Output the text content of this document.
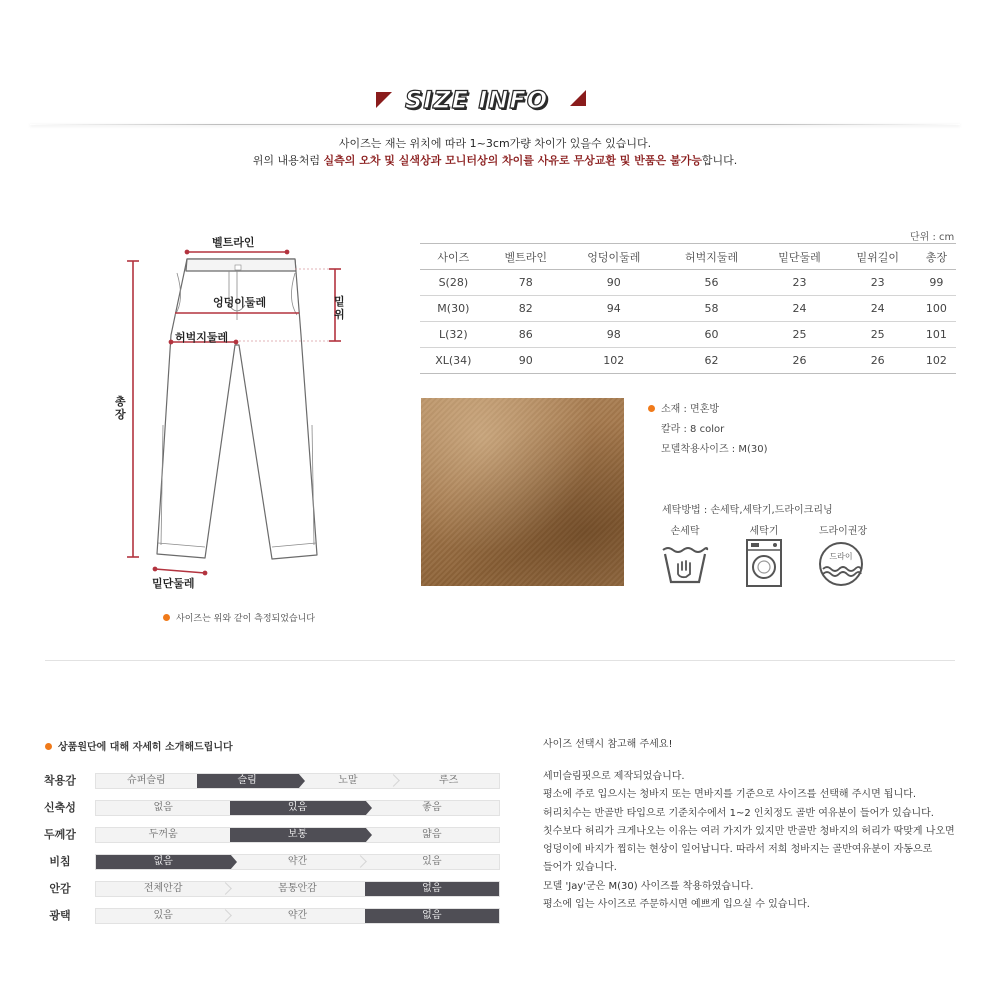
SIZE INFO
사이즈는 재는 위치에 따라 1~3cm가량 차이가 있을수 있습니다.
위의 내용처럼 실측의 오차 및 실색상과 모니터상의 차이를 사유로 무상교환 및 반품은 불가능합니다.
벨트라인
엉덩이둘레
허벅지둘레
밑위
총장
밑단둘레
사이즈는 위와 같이 측정되었습니다
단위 : cm
사이즈	벨트라인	엉덩이둘레	허벅지둘레	밑단둘레	밑위길이	총장
S(28)	78	90	56	23	23	99
M(30)	82	94	58	24	24	100
L(32)	86	98	60	25	25	101
XL(34)	90	102	62	26	26	102
소재 : 면혼방
칼라 : 8 color
모델착용사이즈 : M(30)
세탁방법 : 손세탁,세탁기,드라이크리닝
손세탁	세탁기	드라이권장
드라이
상품원단에 대해 자세히 소개해드립니다
착용감	슈퍼슬림	슬림	노말	루즈
신축성	없음	있음	좋음
두께감	두꺼움	보통	얇음
비침	없음	약간	있음
안감	전체안감	몸통안감	없음
광택	있음	약간	없음
사이즈 선택시 참고해 주세요!
세미슬림핏으로 제작되었습니다.
평소에 주로 입으시는 청바지 또는 면바지를 기준으로 사이즈를 선택해 주시면 됩니다.
허리치수는 반골반 타입으로 기준치수에서 1~2 인치정도 골반 여유분이 들어가 있습니다.
칫수보다 허리가 크게나오는 이유는 여러 가지가 있지만 반골반 청바지의 허리가 딱맞게 나오면
엉덩이에 바지가 찝히는 현상이 일어납니다. 따라서 저희 청바지는 골반여유분이 자동으로
들어가 있습니다.
모델 'Jay'군은 M(30) 사이즈를 착용하였습니다.
평소에 입는 사이즈로 주문하시면 예쁘게 입으실 수 있습니다.
